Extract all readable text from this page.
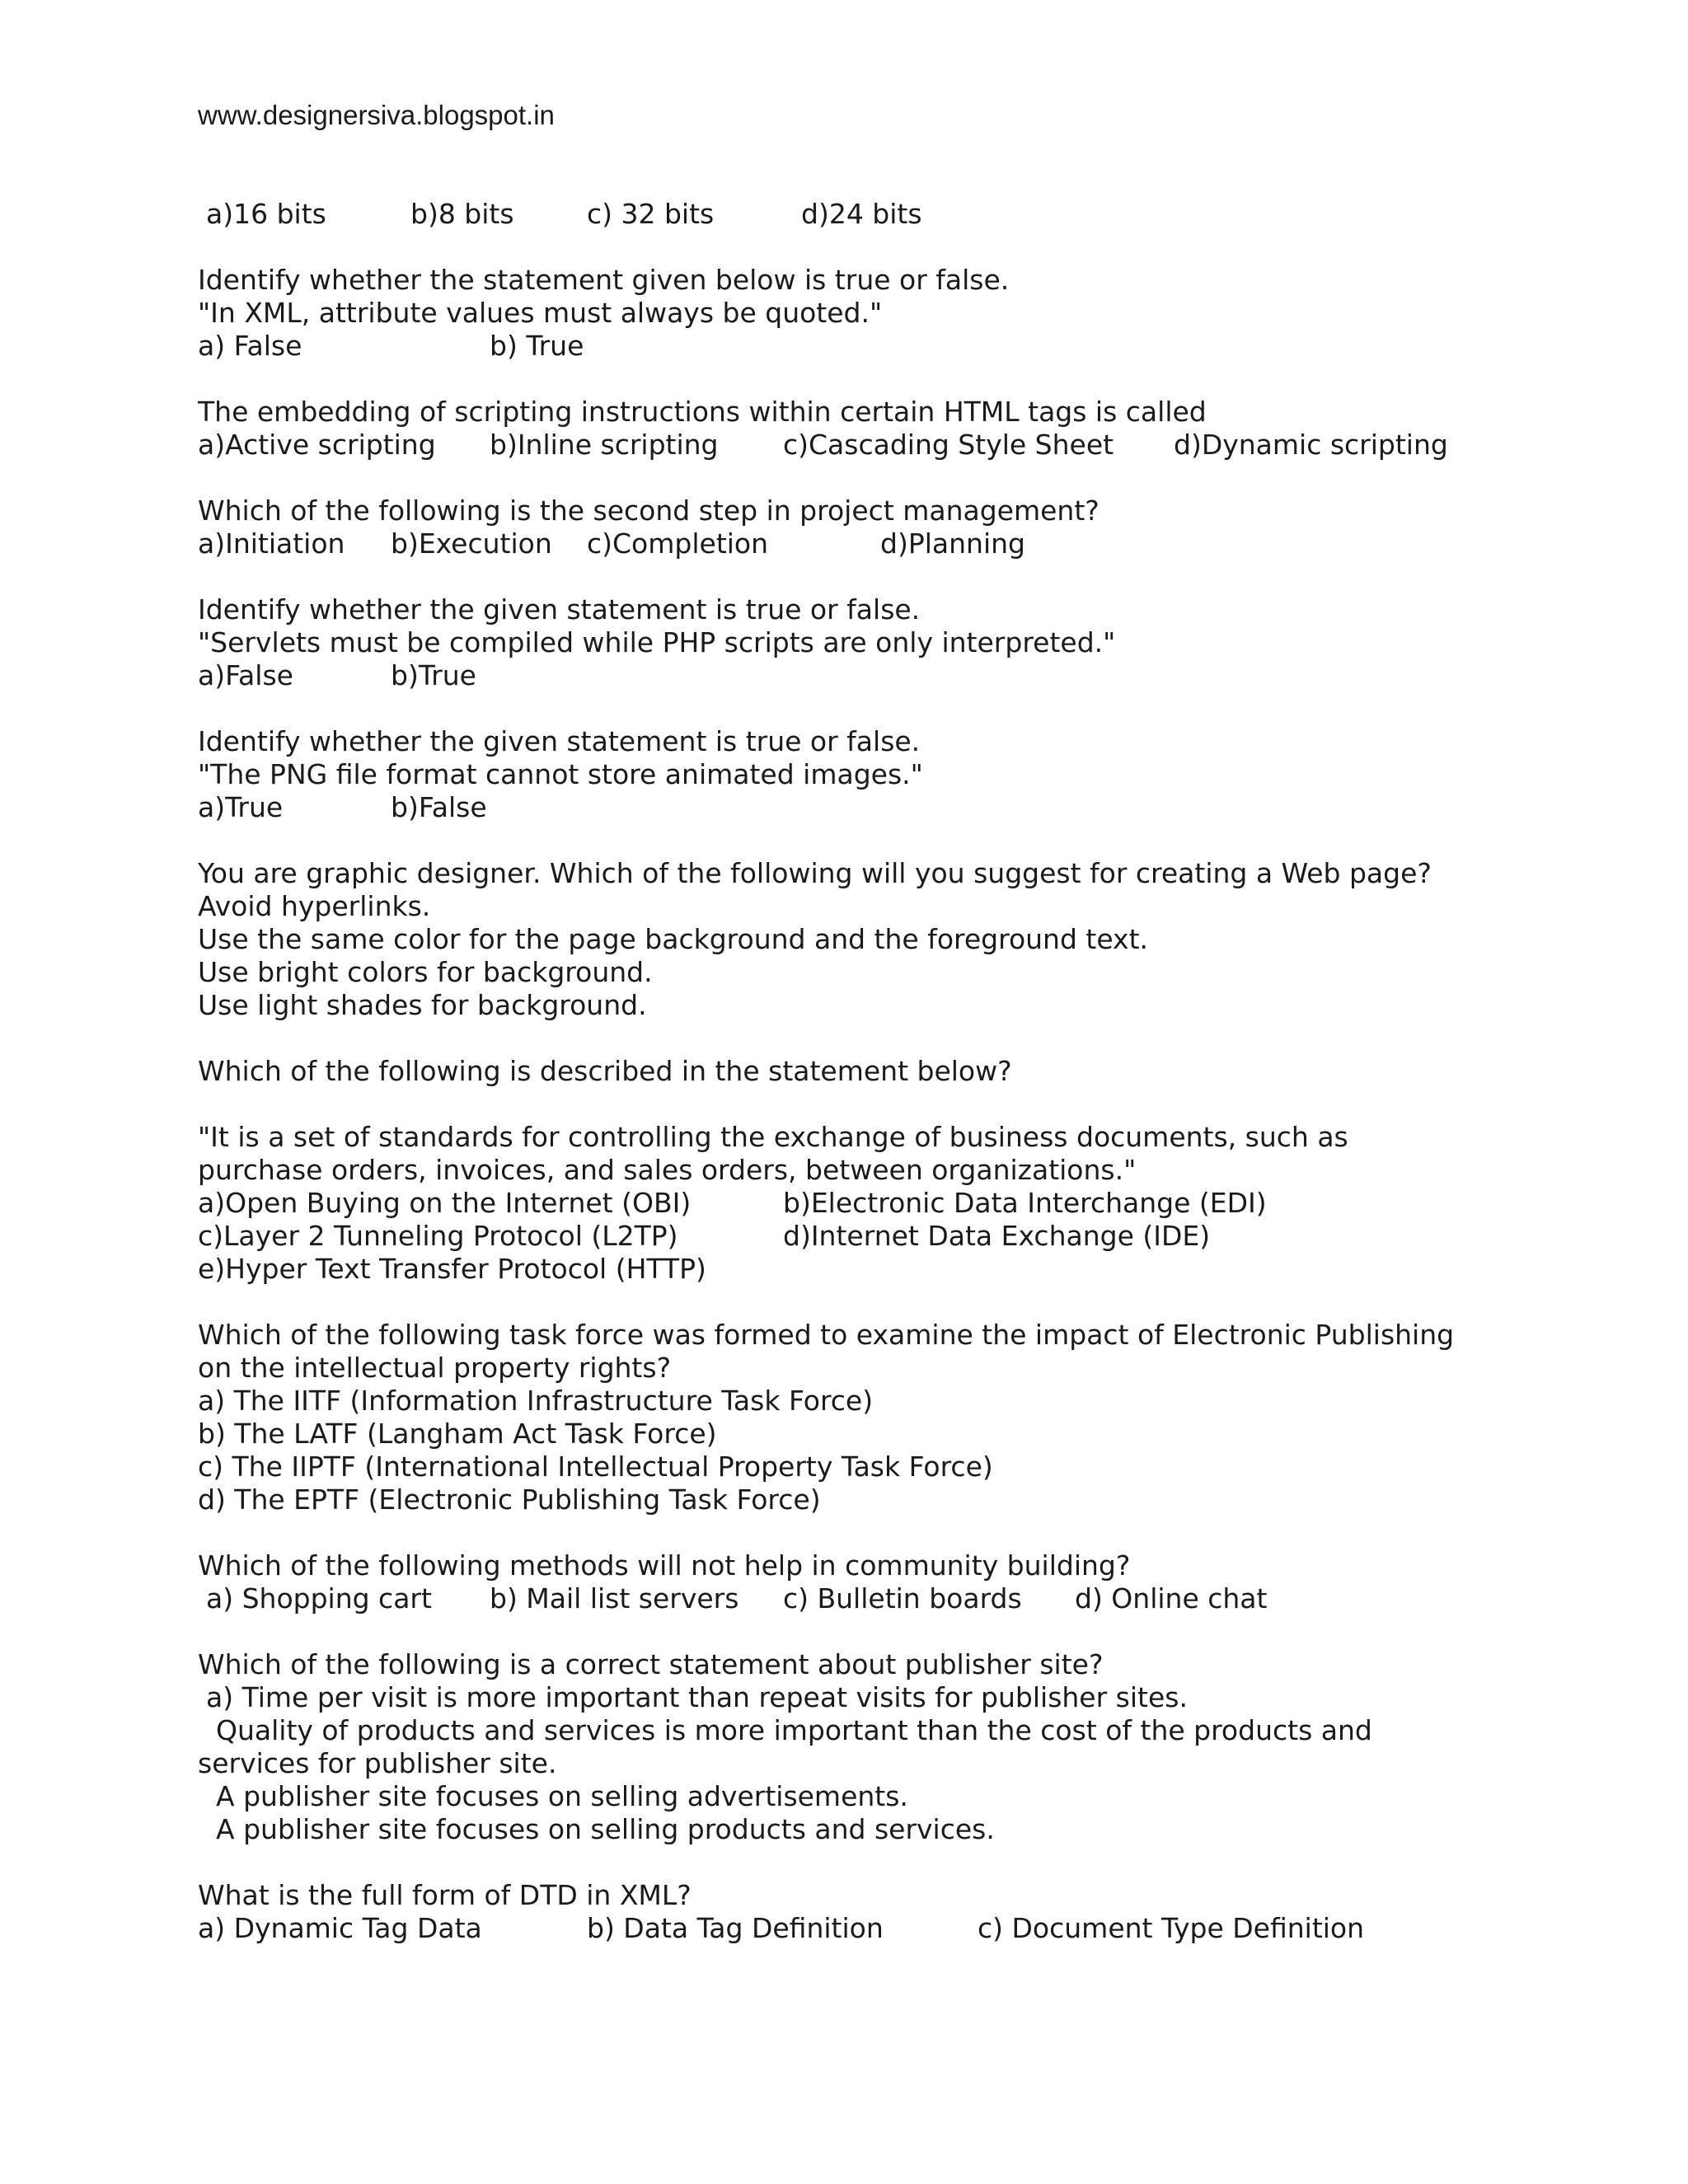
www.designersiva.blogspot.in
a)16 bits	b)8 bits	c) 32 bits	d)24 bits
Identify whether the statement given below is true or false.
"In XML, attribute values must always be quoted."
a) False	b) True
The embedding of scripting instructions within certain HTML tags is called
a)Active scripting b)Inline scripting c)Cascading Style Sheet d)Dynamic scripting
Which of the following is the second step in project management?
a)Initiation b)Execution c)Completion	d)Planning
Identify whether the given statement is true or false.
"Servlets must be compiled while PHP scripts are only interpreted."
a)False	b)True
Identify whether the given statement is true or false.
"The PNG file format cannot store animated images."
a)True	b)False
You are graphic designer. Which of the following will you suggest for creating a Web page?
Avoid hyperlinks.
Use the same color for the page background and the foreground text.
Use bright colors for background.
Use light shades for background.
Which of the following is described in the statement below?
"It is a set of standards for controlling the exchange of business documents, such as
purchase orders, invoices, and sales orders, between organizations."
a)Open Buying on the Internet (OBI)	b)Electronic Data Interchange (EDI)
c)Layer 2 Tunneling Protocol (L2TP)	d)Internet Data Exchange (IDE)
e)Hyper Text Transfer Protocol (HTTP)
Which of the following task force was formed to examine the impact of Electronic Publishing
on the intellectual property rights?
a) The IITF (Information Infrastructure Task Force)
b) The LATF (Langham Act Task Force)
c) The IIPTF (International Intellectual Property Task Force)
d) The EPTF (Electronic Publishing Task Force)
Which of the following methods will not help in community building?
a) Shopping cart b) Mail list servers c) Bulletin boards d) Online chat
Which of the following is a correct statement about publisher site?
a) Time per visit is more important than repeat visits for publisher sites.
Quality of products and services is more important than the cost of the products and
services for publisher site.
A publisher site focuses on selling advertisements.
A publisher site focuses on selling products and services.
What is the full form of DTD in XML?
a) Dynamic Tag Data	b) Data Tag Definition	c) Document Type Definition
